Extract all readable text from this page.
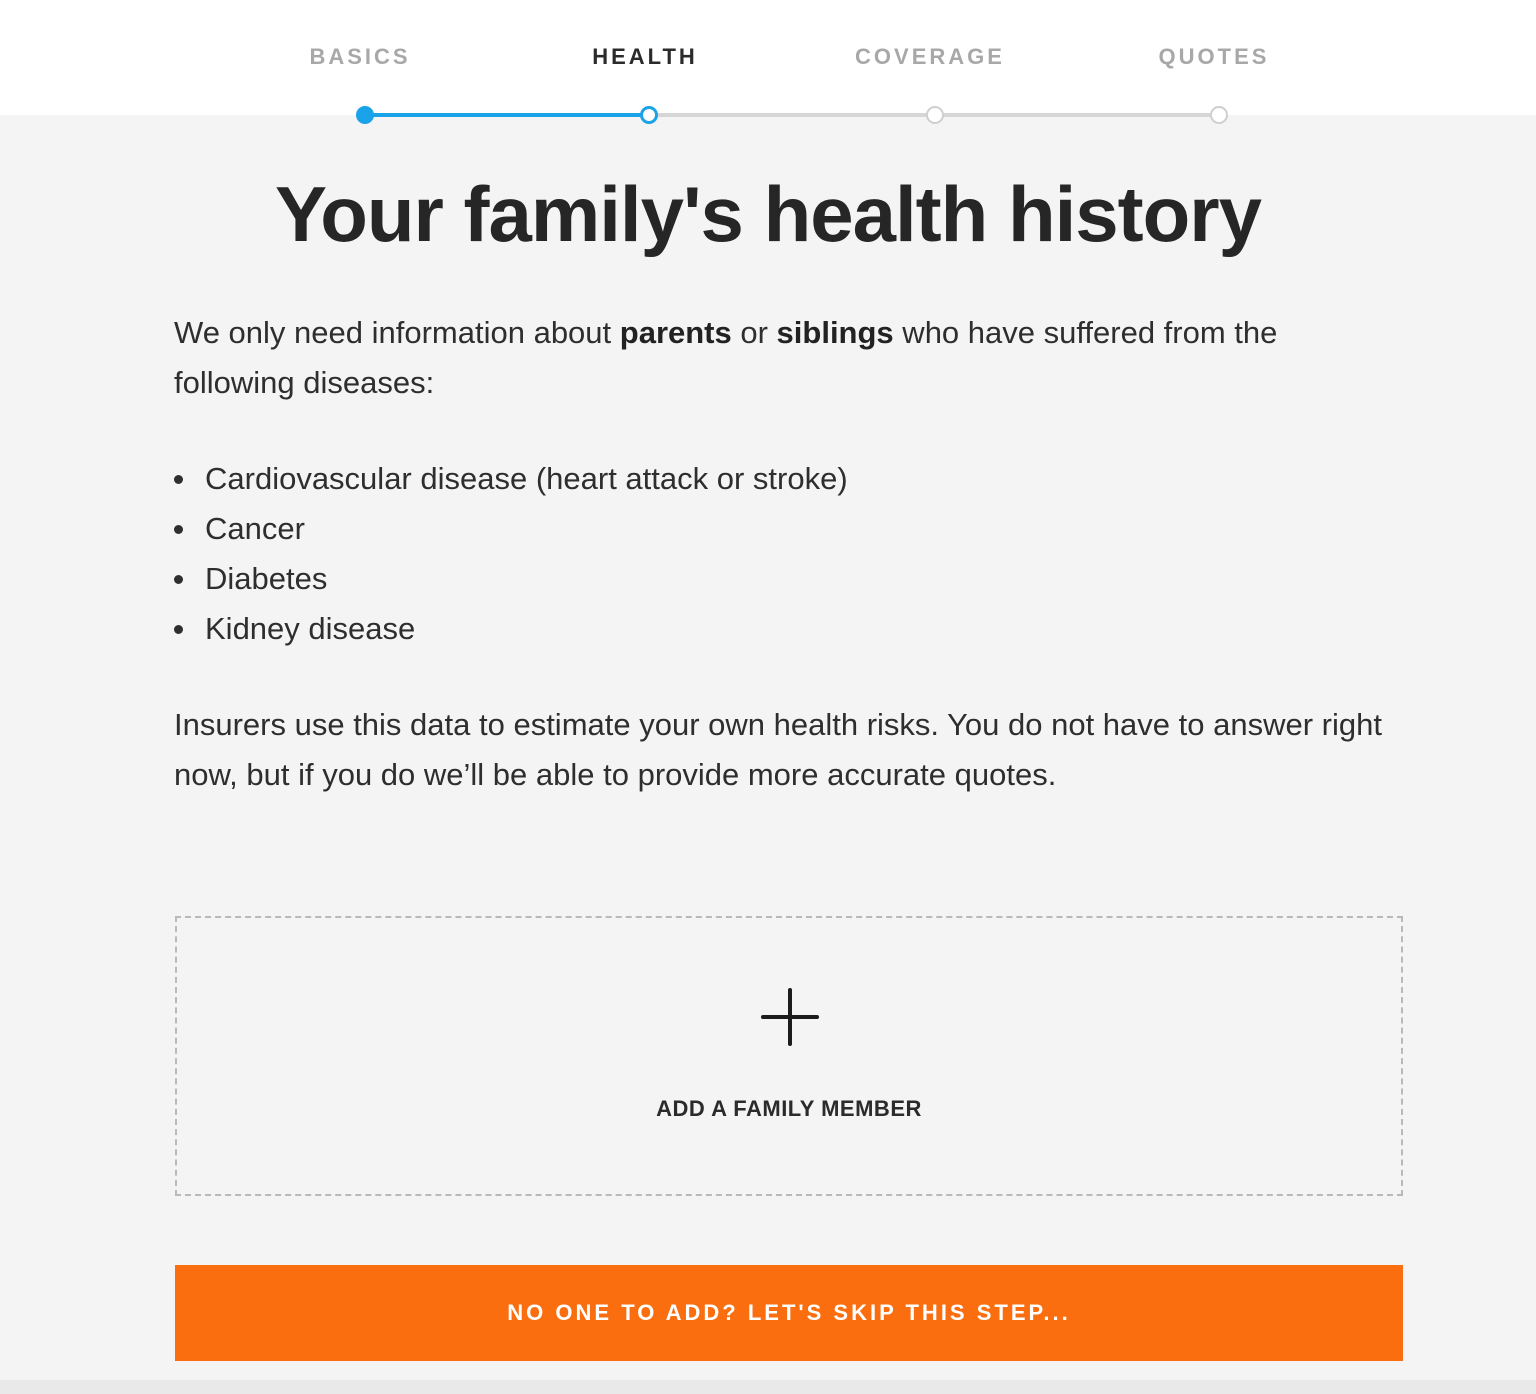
BASICS	HEALTH	COVERAGE	QUOTES
Your family's health history

We only need information about parents or siblings who have suffered from the following diseases:

Cardiovascular disease (heart attack or stroke)
Cancer
Diabetes
Kidney disease

Insurers use this data to estimate your own health risks. You do not have to answer right now, but if you do we’ll be able to provide more accurate quotes.

ADD A FAMILY MEMBER
NO ONE TO ADD? LET'S SKIP THIS STEP...
